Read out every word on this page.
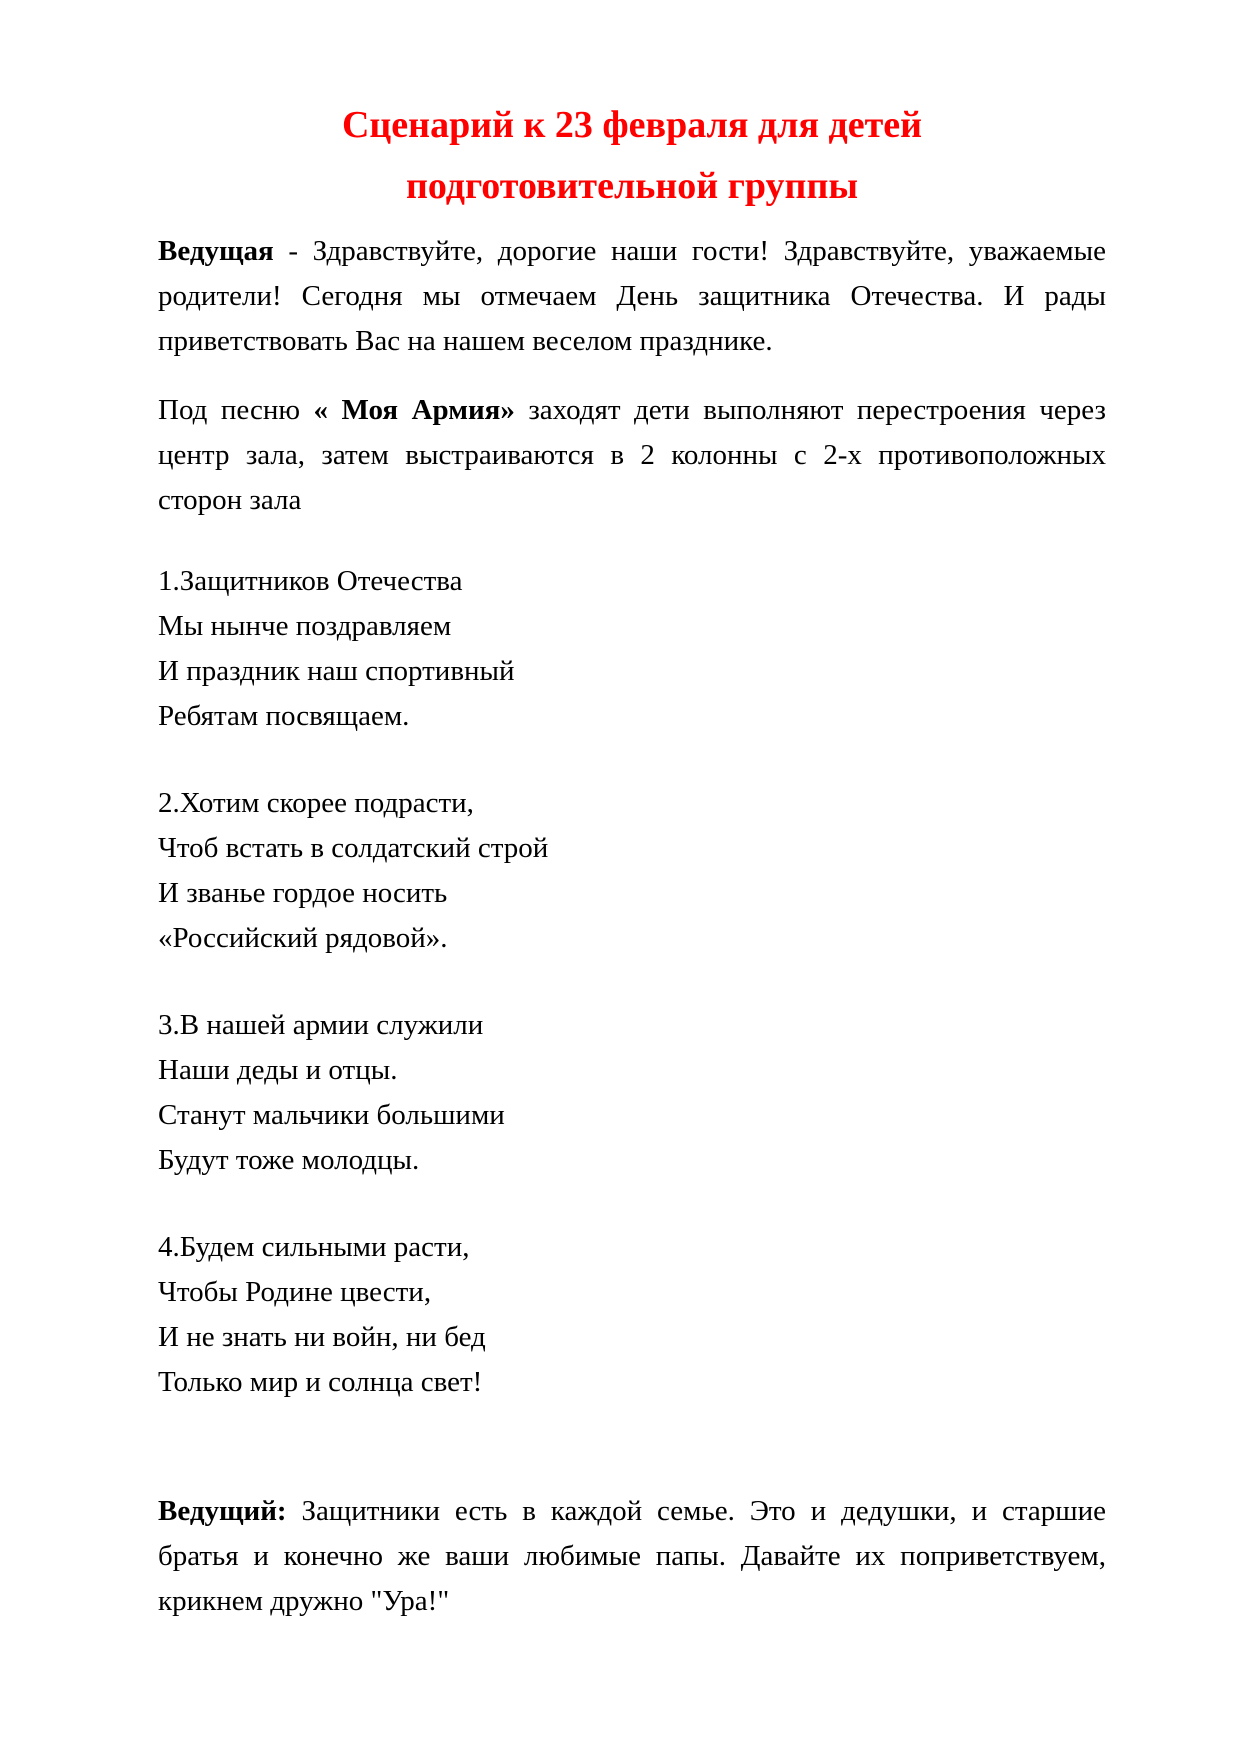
Сценарий к 23 февраля для детей подготовительной группы

Ведущая - Здравствуйте, дорогие наши гости! Здравствуйте, уважаемые родители! Сегодня мы отмечаем День защитника Отечества. И рады приветствовать Вас на нашем веселом празднике.

Под песню « Моя Армия» заходят дети выполняют перестроения через центр зала, затем выстраиваются в 2 колонны с 2-х противоположных сторон зала

1.Защитников Отечества
Мы нынче поздравляем
И праздник наш спортивный
Ребятам посвящаем.
2.Хотим скорее подрасти,
Чтоб встать в солдатский строй
И званье гордое носить
«Российский рядовой».
3.В нашей армии служили
Наши деды и отцы.
Станут мальчики большими
Будут тоже молодцы.
4.Будем сильными расти,
Чтобы Родине цвести,
И не знать ни войн, ни бед
Только мир и солнца свет!

Ведущий: Защитники есть в каждой семье. Это и дедушки, и старшие братья и конечно же ваши любимые папы. Давайте их поприветствуем, крикнем дружно "Ура!"
